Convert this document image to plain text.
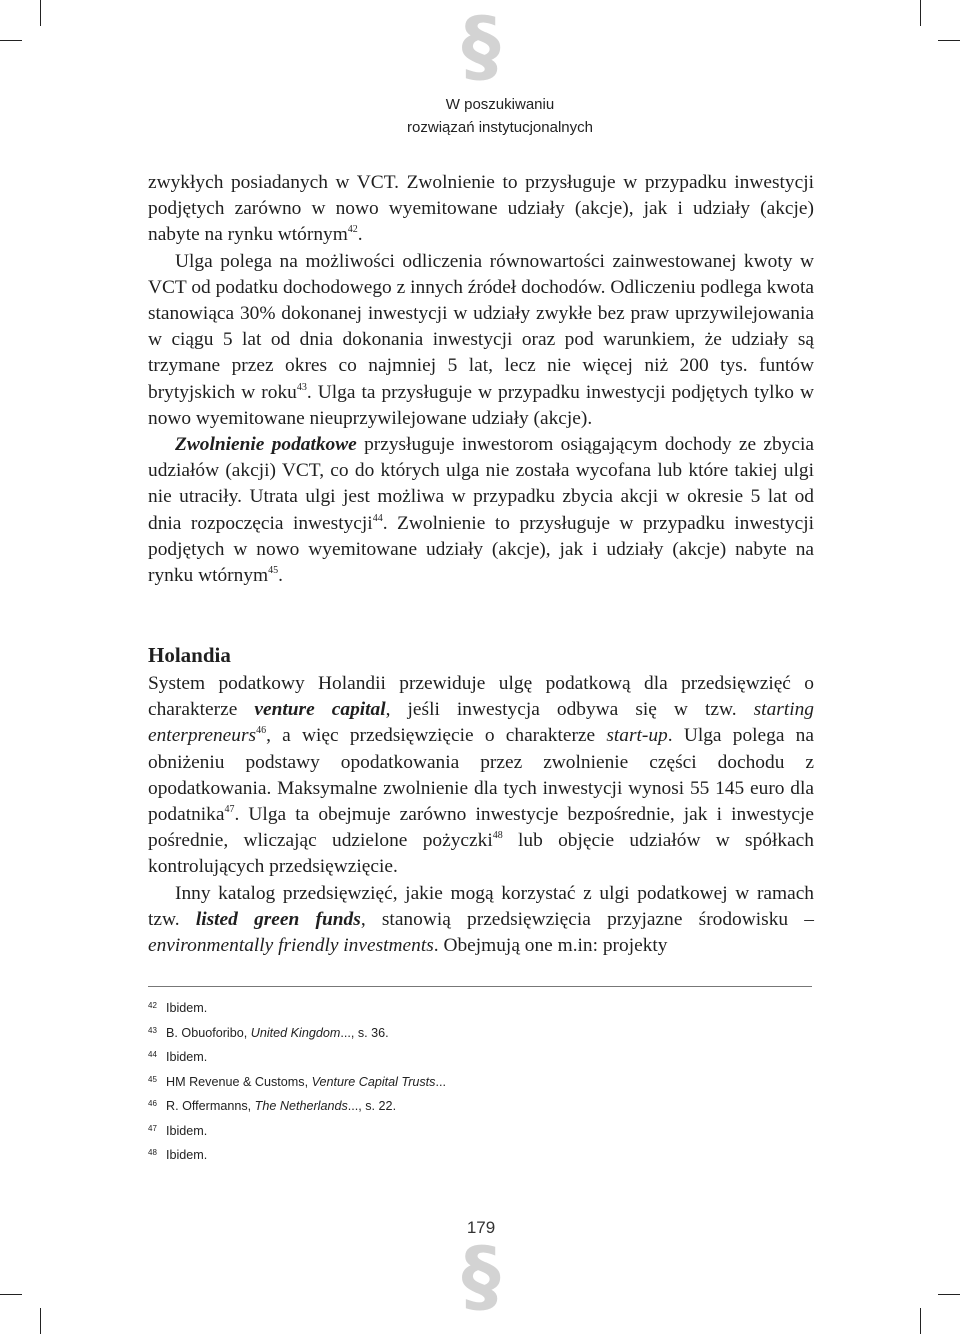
§
W poszukiwaniu
rozwiązań instytucjonalnych

zwykłych posiadanych w VCT. Zwolnienie to przysługuje w przypadku inwestycji podjętych zarówno w nowo wyemitowane udziały (akcje), jak i udziały (akcje) nabyte na rynku wtórnym$^{42}$.

Ulga polega na możliwości odliczenia równowartości zainwestowanej kwoty w VCT od podatku dochodowego z innych źródeł dochodów. Odliczeniu podlega kwota stanowiąca 30% dokonanej inwestycji w udziały zwykłe bez praw uprzywilejowania w ciągu 5 lat od dnia dokonania inwestycji oraz pod warunkiem, że udziały są trzymane przez okres co najmniej 5 lat, lecz nie więcej niż 200 tys. funtów brytyjskich w roku$^{43}$. Ulga ta przysługuje w przypadku inwestycji podjętych tylko w nowo wyemitowane nieuprzywilejowane udziały (akcje).

Zwolnienie podatkowe przysługuje inwestorom osiągającym dochody ze zbycia udziałów (akcji) VCT, co do których ulga nie została wycofana lub które takiej ulgi nie utraciły. Utrata ulgi jest możliwa w przypadku zbycia akcji w okresie 5 lat od dnia rozpoczęcia inwestycji$^{44}$. Zwolnienie to przysługuje w przypadku inwestycji podjętych w nowo wyemitowane udziały (akcje), jak i udziały (akcje) nabyte na rynku wtórnym$^{45}$.

Holandia

System podatkowy Holandii przewiduje ulgę podatkową dla przedsięwzięć o charakterze venture capital, jeśli inwestycja odbywa się w tzw. starting enterpreneurs$^{46}$, a więc przedsięwzięcie o charakterze start-up. Ulga polega na obniżeniu podstawy opodatkowania przez zwolnienie części dochodu z opodatkowania. Maksymalne zwolnienie dla tych inwestycji wynosi 55 145 euro dla podatnika$^{47}$. Ulga ta obejmuje zarówno inwestycje bezpośrednie, jak i inwestycje pośrednie, wliczając udzielone pożyczki$^{48}$ lub objęcie udziałów w spółkach kontrolujących przedsięwzięcie.

Inny katalog przedsięwzięć, jakie mogą korzystać z ulgi podatkowej w ramach tzw. listed green funds, stanowią przedsięwzięcia przyjazne środowisku – environmentally friendly investments. Obejmują one m.in: projekty

42 Ibidem.
43 B. Obuoforibo, United Kingdom..., s. 36.
44 Ibidem.
45 HM Revenue & Customs, Venture Capital Trusts...
46 R. Offermanns, The Netherlands..., s. 22.
47 Ibidem.
48 Ibidem.
179
§
